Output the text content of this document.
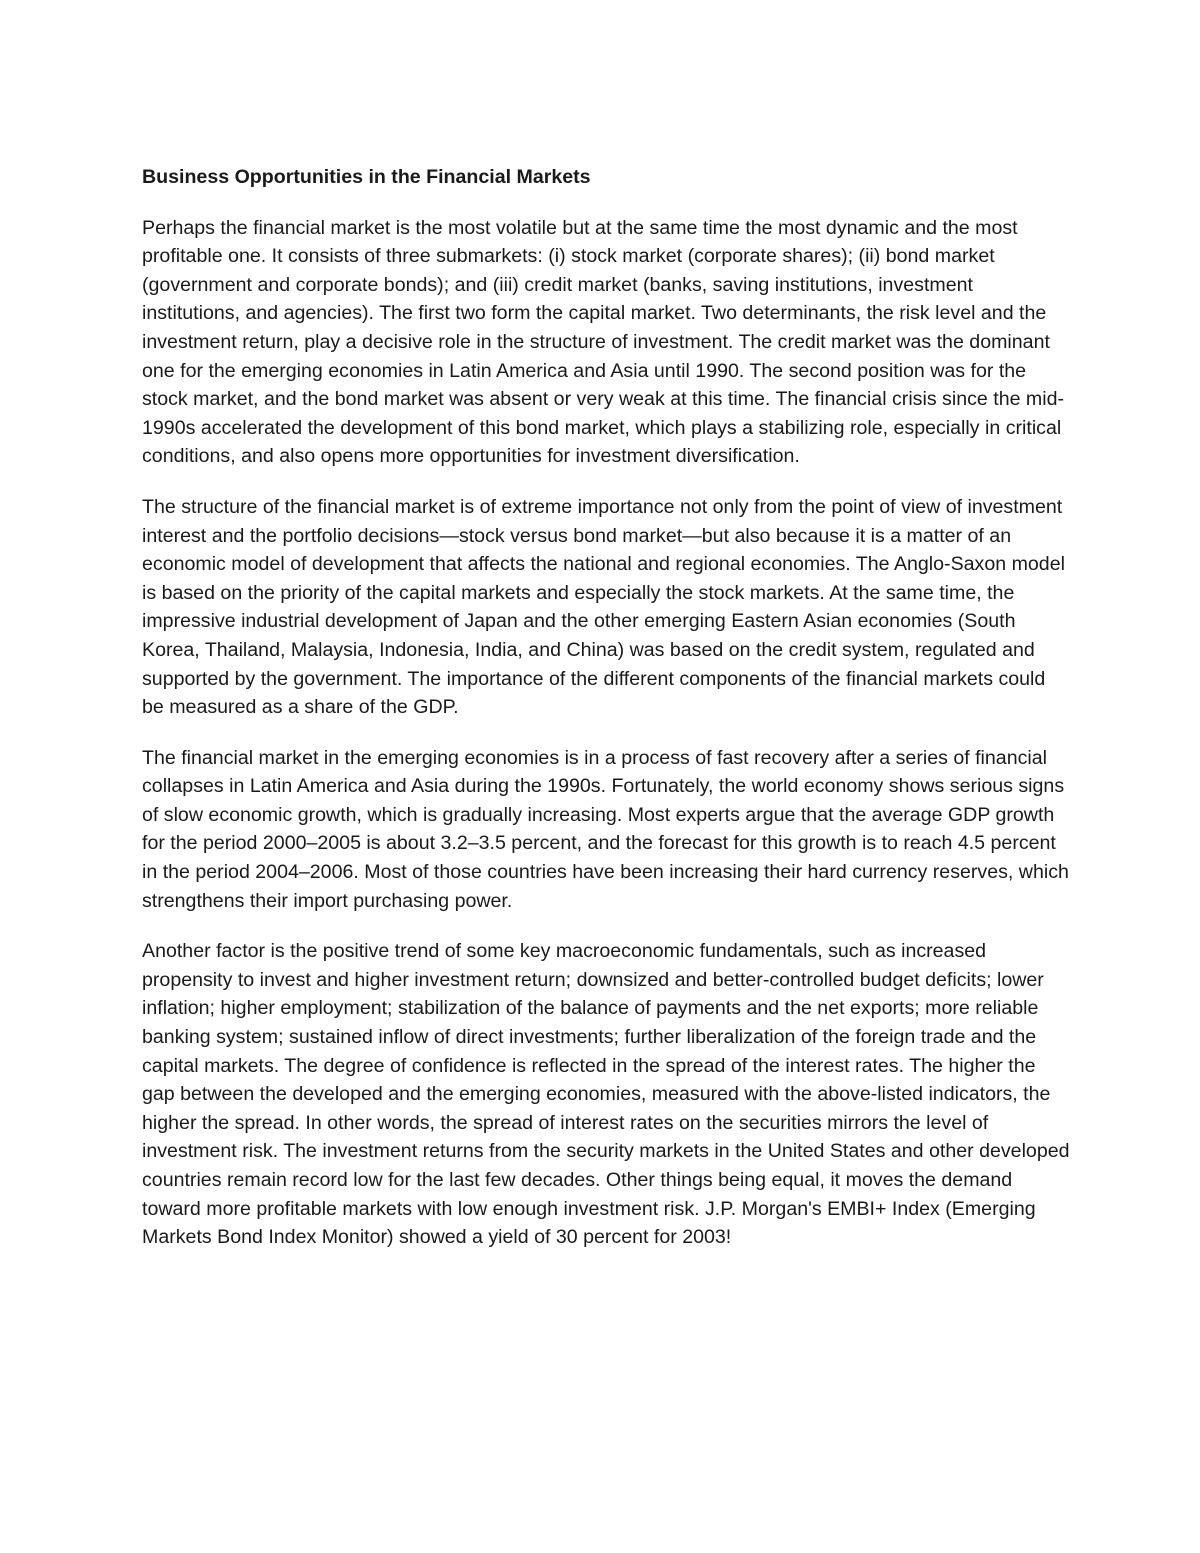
Business Opportunities in the Financial Markets

Perhaps the financial market is the most volatile but at the same time the most dynamic and the most profitable one. It consists of three submarkets: (i) stock market (corporate shares); (ii) bond market (government and corporate bonds); and (iii) credit market (banks, saving institutions, investment institutions, and agencies). The first two form the capital market. Two determinants, the risk level and the investment return, play a decisive role in the structure of investment. The credit market was the dominant one for the emerging economies in Latin America and Asia until 1990. The second position was for the stock market, and the bond market was absent or very weak at this time. The financial crisis since the mid-1990s accelerated the development of this bond market, which plays a stabilizing role, especially in critical conditions, and also opens more opportunities for investment diversification.

The structure of the financial market is of extreme importance not only from the point of view of investment interest and the portfolio decisions—stock versus bond market—but also because it is a matter of an economic model of development that affects the national and regional economies. The Anglo-Saxon model is based on the priority of the capital markets and especially the stock markets. At the same time, the impressive industrial development of Japan and the other emerging Eastern Asian economies (South Korea, Thailand, Malaysia, Indonesia, India, and China) was based on the credit system, regulated and supported by the government. The importance of the different components of the financial markets could be measured as a share of the GDP.

The financial market in the emerging economies is in a process of fast recovery after a series of financial collapses in Latin America and Asia during the 1990s. Fortunately, the world economy shows serious signs of slow economic growth, which is gradually increasing. Most experts argue that the average GDP growth for the period 2000–2005 is about 3.2–3.5 percent, and the forecast for this growth is to reach 4.5 percent in the period 2004–2006. Most of those countries have been increasing their hard currency reserves, which strengthens their import purchasing power.

Another factor is the positive trend of some key macroeconomic fundamentals, such as increased propensity to invest and higher investment return; downsized and better-controlled budget deficits; lower inflation; higher employment; stabilization of the balance of payments and the net exports; more reliable banking system; sustained inflow of direct investments; further liberalization of the foreign trade and the capital markets. The degree of confidence is reflected in the spread of the interest rates. The higher the gap between the developed and the emerging economies, measured with the above-listed indicators, the higher the spread. In other words, the spread of interest rates on the securities mirrors the level of investment risk. The investment returns from the security markets in the United States and other developed countries remain record low for the last few decades. Other things being equal, it moves the demand toward more profitable markets with low enough investment risk. J.P. Morgan's EMBI+ Index (Emerging Markets Bond Index Monitor) showed a yield of 30 percent for 2003!
